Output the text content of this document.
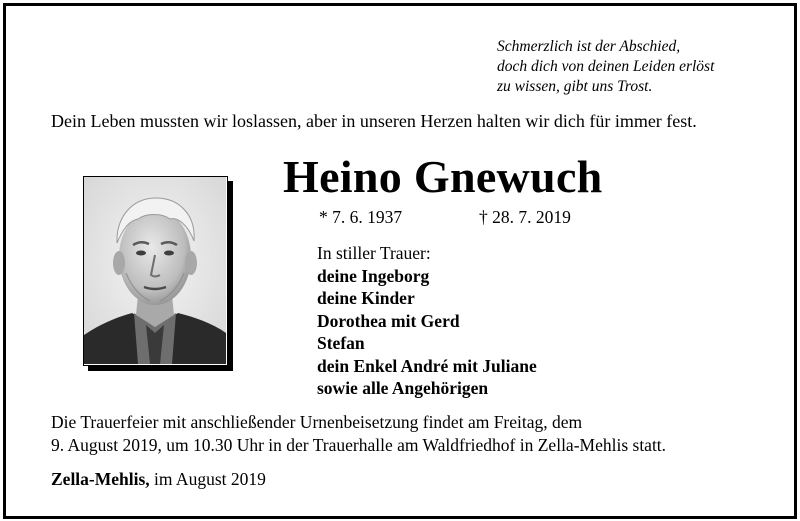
Schmerzlich ist der Abschied,
doch dich von deinen Leiden erlöst
zu wissen, gibt uns Trost.
Dein Leben mussten wir loslassen, aber in unseren Herzen halten wir dich für immer fest.
Heino Gnewuch
* 7. 6. 1937	† 28. 7. 2019
In stiller Trauer:
deine Ingeborg
deine Kinder
Dorothea mit Gerd
Stefan
dein Enkel André mit Juliane
sowie alle Angehörigen
Die Trauerfeier mit anschließender Urnenbeisetzung findet am Freitag, dem
9. August 2019, um 10.30 Uhr in der Trauerhalle am Waldfriedhof in Zella-Mehlis statt.
Zella-Mehlis, im August 2019
